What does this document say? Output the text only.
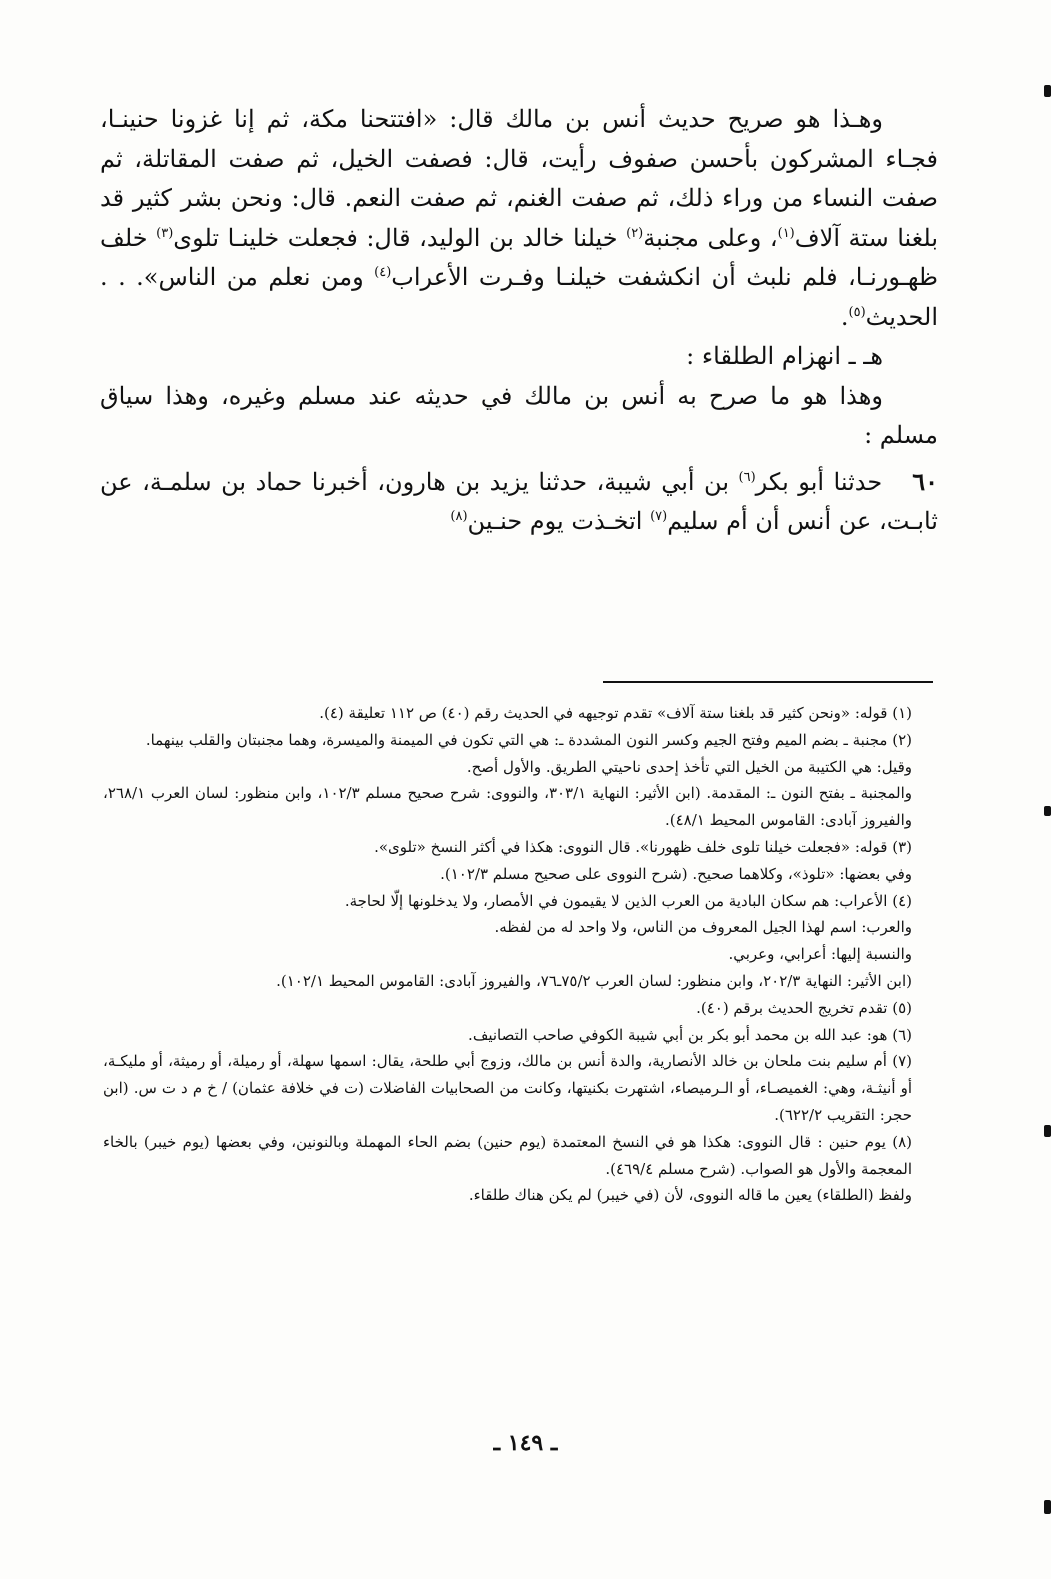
وهـذا هو صريح حديث أنس بن مالك قال: «افتتحنا مكة، ثم إنا غزونا حنينـا، فجـاء المشركون بأحسن صفوف رأيت، قال: فصفت الخيل، ثم صفت المقاتلة، ثم صفت النساء من وراء ذلك، ثم صفت الغنم، ثم صفت النعم. قال: ونحن بشر كثير قد بلغنا ستة آلاف$^{(١)}$، وعلى مجنبة$^{(٢)}$ خيلنا خالد بن الوليد، قال: فجعلت خلينـا تلوى$^{(٣)}$ خلف ظهـورنـا، فلم نلبث أن انكشفت خيلنـا وفـرت الأعراب$^{(٤)}$ ومن نعلم من الناس». . . الحديث$^{(٥)}$.

هـ ـ انهزام الطلقاء :

وهذا هو ما صرح به أنس بن مالك في حديثه عند مسلم وغيره، وهذا سياق مسلم :

٦٠حدثنا أبو بكر$^{(٦)}$ بن أبي شيبة، حدثنا يزيد بن هارون، أخبرنا حماد بن سلمـة، عن ثابـت، عن أنس أن أم سليم$^{(٧)}$ اتخـذت يوم حنـين$^{(٨)}$

(١) قوله: «ونحن كثير قد بلغنا ستة آلاف» تقدم توجيهه في الحديث رقم (٤٠) ص ١١٢ تعليقة (٤).

(٢) مجنبة ـ بضم الميم وفتح الجيم وكسر النون المشددة ـ: هي التي تكون في الميمنة والميسرة، وهما مجنبتان والقلب بينهما.

وقيل: هي الكتيبة من الخيل التي تأخذ إحدى ناحيتي الطريق. والأول أصح.

والمجنبة ـ بفتح النون ـ: المقدمة. (ابن الأثير: النهاية ٣٠٣/١، والنووى: شرح صحيح مسلم ١٠٢/٣، وابن منظور: لسان العرب ٢٦٨/١، والفيروز آبادى: القاموس المحيط ٤٨/١).

(٣) قوله: «فجعلت خيلنا تلوى خلف ظهورنا». قال النووى: هكذا في أكثر النسخ «تلوى».

وفي بعضها: «تلوذ»، وكلاهما صحيح. (شرح النووى على صحيح مسلم ١٠٢/٣).

(٤) الأعراب: هم سكان البادية من العرب الذين لا يقيمون في الأمصار، ولا يدخلونها إلّا لحاجة.

والعرب: اسم لهذا الجيل المعروف من الناس، ولا واحد له من لفظه.

والنسبة إليها: أعرابي، وعربي.

(ابن الأثير: النهاية ٢٠٢/٣، وابن منظور: لسان العرب ٧٥/٢ـ٧٦، والفيروز آبادى: القاموس المحيط ١٠٢/١).

(٥) تقدم تخريج الحديث برقم (٤٠).

(٦) هو: عبد الله بن محمد أبو بكر بن أبي شيبة الكوفي صاحب التصانيف.

(٧) أم سليم بنت ملحان بن خالد الأنصارية، والدة أنس بن مالك، وزوج أبي طلحة، يقال: اسمها سهلة، أو رميلة، أو رميثة، أو مليكـة، أو أنيثـة، وهي: الغميصـاء، أو الـرميصاء، اشتهرت بكنيتها، وكانت من الصحابيات الفاضلات (ت في خلافة عثمان) / خ م د ت س. (ابن حجر: التقريب ٦٢٢/٢).

(٨) يوم حنين : قال النووى: هكذا هو في النسخ المعتمدة (يوم حنين) بضم الحاء المهملة وبالنونين، وفي بعضها (يوم خيبر) بالخاء المعجمة والأول هو الصواب. (شرح مسلم ٤٦٩/٤).

ولفظ (الطلقاء) يعين ما قاله النووى، لأن (في خيبر) لم يكن هناك طلقاء.

ـ ١٤٩ ـ
